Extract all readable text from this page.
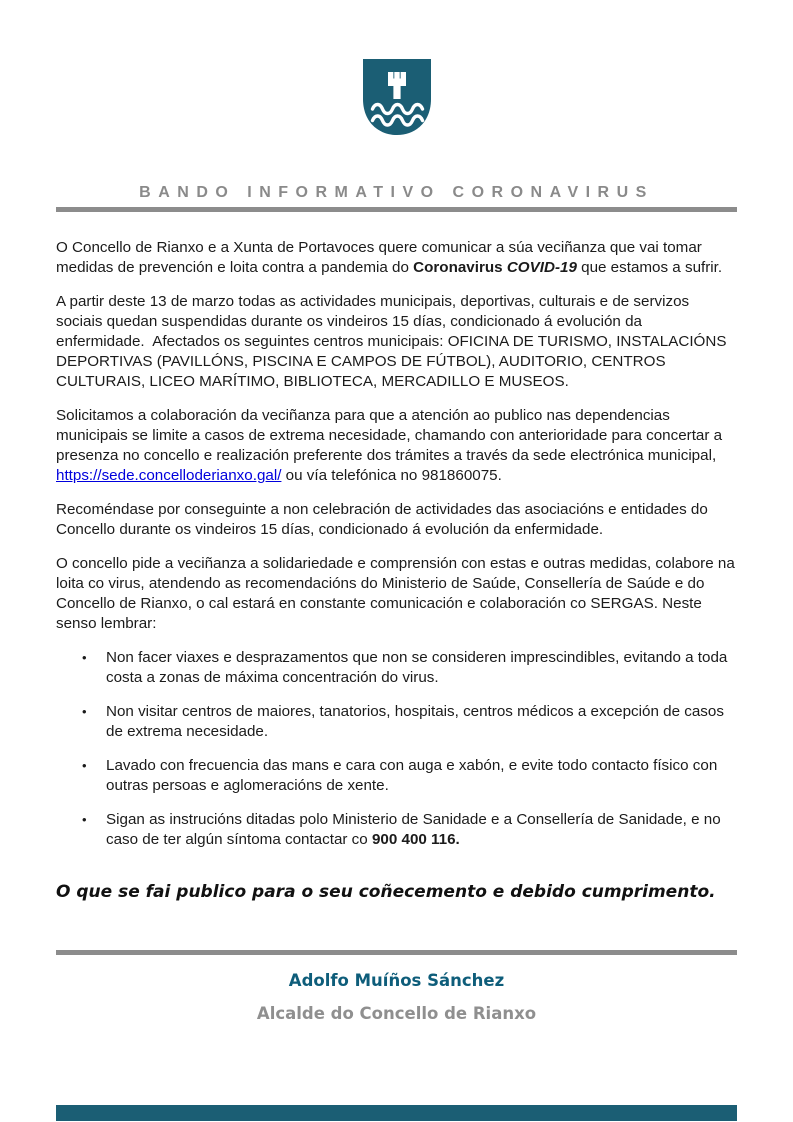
BANDO INFORMATIVO CORONAVIRUS

O Concello de Rianxo e a Xunta de Portavoces quere comunicar a súa veciñanza que vai tomar medidas de prevención e loita contra a pandemia do Coronavirus COVID-19 que estamos a sufrir.

A partir deste 13 de marzo todas as actividades municipais, deportivas, culturais e de servizos sociais quedan suspendidas durante os vindeiros 15 días, condicionado á evolución da enfermidade.  Afectados os seguintes centros municipais: OFICINA DE TURISMO, INSTALACIÓNS DEPORTIVAS (PAVILLÓNS, PISCINA E CAMPOS DE FÚTBOL), AUDITORIO, CENTROS CULTURAIS, LICEO MARÍTIMO, BIBLIOTECA, MERCADILLO E MUSEOS.

Solicitamos a colaboración da veciñanza para que a atención ao publico nas dependencias municipais se limite a casos de extrema necesidade, chamando con anterioridade para concertar a presenza no concello e realización preferente dos trámites a través da sede electrónica municipal, https://sede.concelloderianxo.gal/ ou vía telefónica no 981860075.

Recoméndase por conseguinte a non celebración de actividades das asociacións e entidades do Concello durante os vindeiros 15 días, condicionado á evolución da enfermidade.

O concello pide a veciñanza a solidariedade e comprensión con estas e outras medidas, colabore na loita co virus, atendendo as recomendacións do Ministerio de Saúde, Consellería de Saúde e do Concello de Rianxo, o cal estará en constante comunicación e colaboración co SERGAS. Neste senso lembrar:

•	Non facer viaxes e desprazamentos que non se consideren imprescindibles, evitando a toda costa a zonas de máxima concentración do virus.
•	Non visitar centros de maiores, tanatorios, hospitais, centros médicos a excepción de casos de extrema necesidade.
•	Lavado con frecuencia das mans e cara con auga e xabón, e evite todo contacto físico con outras persoas e aglomeracións de xente.
•	Sigan as instrucións ditadas polo Ministerio de Sanidade e a Consellería de Sanidade, e no caso de ter algún síntoma contactar co 900 400 116.

O que se fai publico para o seu coñecemento e debido cumprimento.

Adolfo Muíños Sánchez
Alcalde do Concello de Rianxo
